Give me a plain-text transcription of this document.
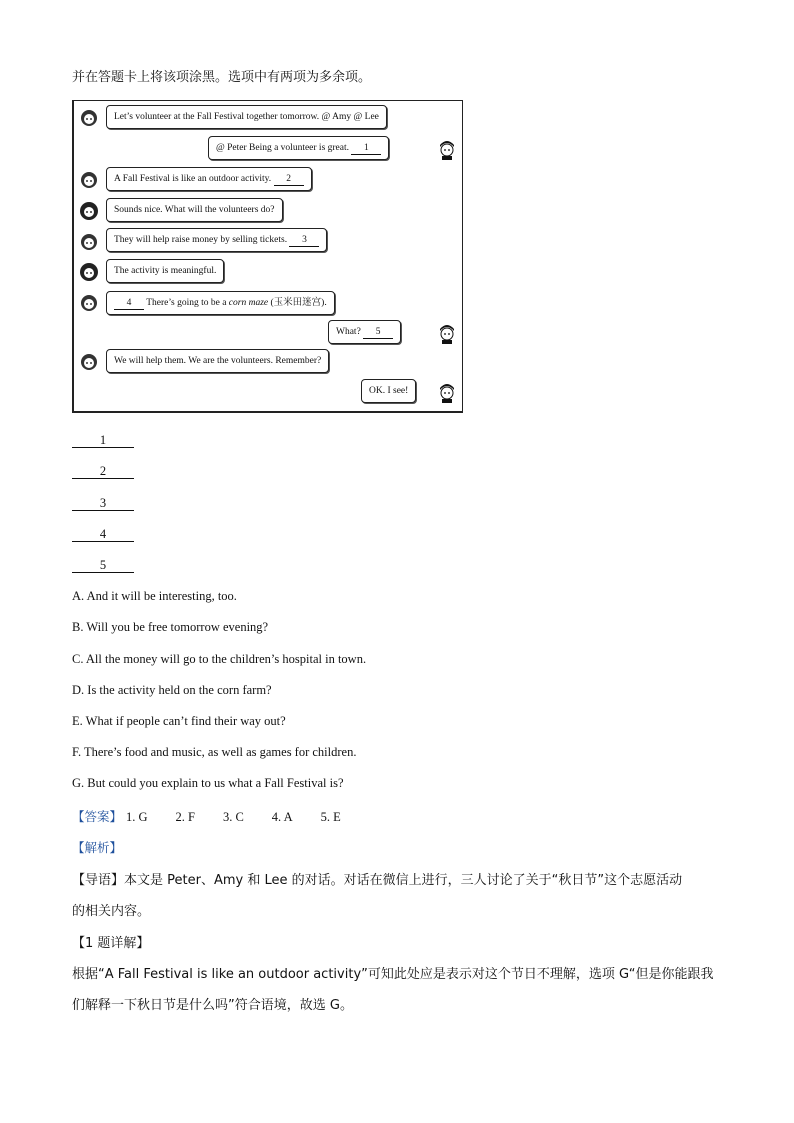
并在答题卡上将该项涂黑。选项中有两项为多余项。
Let’s volunteer at the Fall Festival together tomorrow. @ Amy @ Lee
@ Peter Being a volunteer is great. 1
A Fall Festival is like an outdoor activity. 2
Sounds nice. What will the volunteers do?
They will help raise money by selling tickets. 3
The activity is meaningful.
4 There’s going to be a corn maze (玉米田迷宫).
What? 5
We will help them. We are the volunteers. Remember?
OK. I see!
1
2
3
4
5
A. And it will be interesting, too.
B. Will you be free tomorrow evening?
C. All the money will go to the children’s hospital in town.
D. Is the activity held on the corn farm?
E. What if people can’t find their way out?
F. There’s food and music, as well as games for children.
G. But could you explain to us what a Fall Festival is?
【答案】 1. G 2. F 3. C 4. A 5. E
【解析】
【导语】本文是 Peter、Amy 和 Lee 的对话。对话在微信上进行，三人讨论了关于“秋日节”这个志愿活动
的相关内容。
【1 题详解】
根据“A Fall Festival is like an outdoor activity”可知此处应是表示对这个节日不理解，选项 G“但是你能跟我
们解释一下秋日节是什么吗”符合语境，故选 G。
